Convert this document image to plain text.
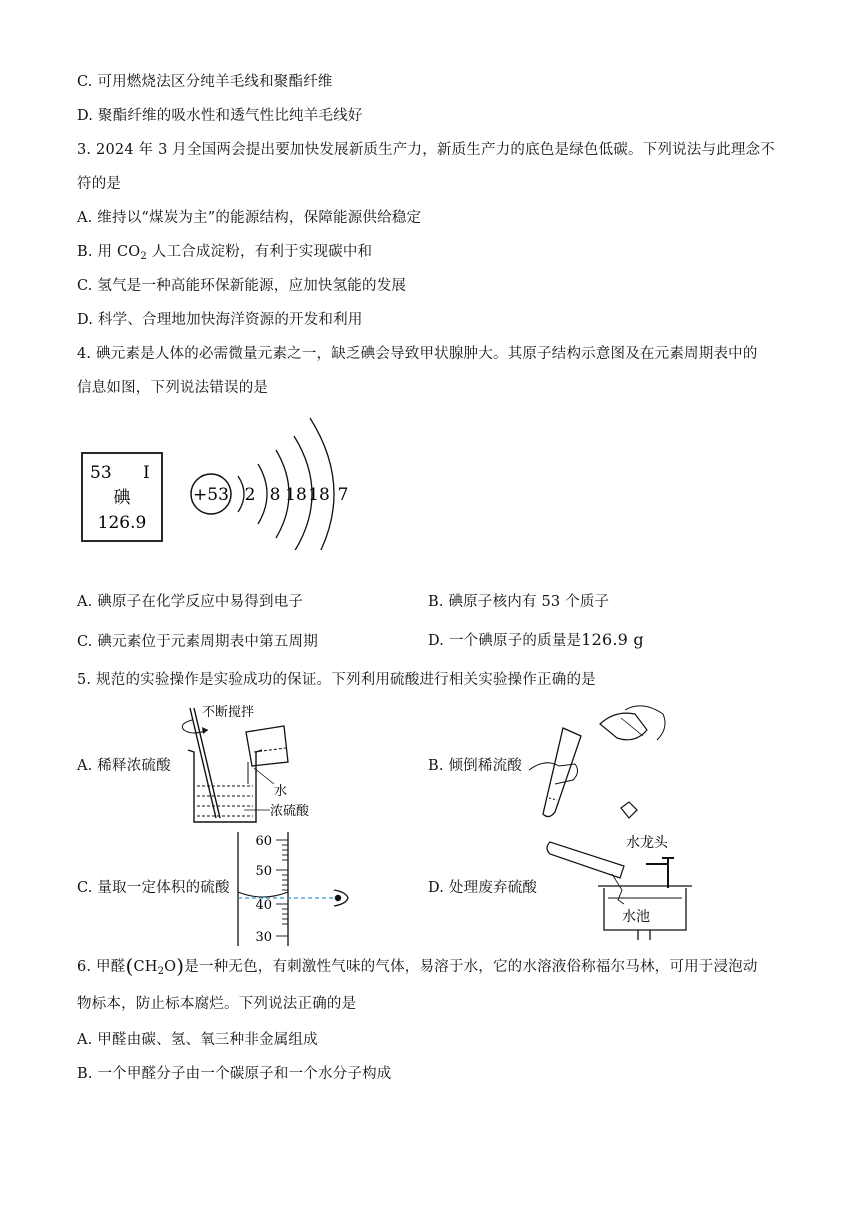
C. 可用燃烧法区分纯羊毛线和聚酯纤维
D. 聚酯纤维的吸水性和透气性比纯羊毛线好
3. 2024 年 3 月全国两会提出要加快发展新质生产力，新质生产力的底色是绿色低碳。下列说法与此理念不
符的是
A. 维持以“煤炭为主”的能源结构，保障能源供给稳定
B. 用 $CO_2$ 人工合成淀粉，有利于实现碳中和
C. 氢气是一种高能环保新能源，应加快氢能的发展
D. 科学、合理地加快海洋资源的开发和利用
4. 碘元素是人体的必需微量元素之一，缺乏碘会导致甲状腺肿大。其原子结构示意图及在元素周期表中的
信息如图，下列说法错误的是
53 I
碘
126.9
+53 2 8 18 18 7
A. 碘原子在化学反应中易得到电子	B. 碘原子核内有 53 个质子
C. 碘元素位于元素周期表中第五周期	D. 一个碘原子的质量是126.9 g
5. 规范的实验操作是实验成功的保证。下列利用硫酸进行相关实验操作正确的是
A. 稀释浓硫酸
不断搅拌
水
浓硫酸
B. 倾倒稀流酸
C. 量取一定体积的硫酸
60
50
40
30
D. 处理废弃硫酸
水龙头
水池
6. 甲醛$(CH_2O)$是一种无色，有刺激性气味的气体，易溶于水，它的水溶液俗称福尔马林，可用于浸泡动
物标本，防止标本腐烂。下列说法正确的是
A. 甲醛由碳、氢、氧三种非金属组成
B. 一个甲醛分子由一个碳原子和一个水分子构成
